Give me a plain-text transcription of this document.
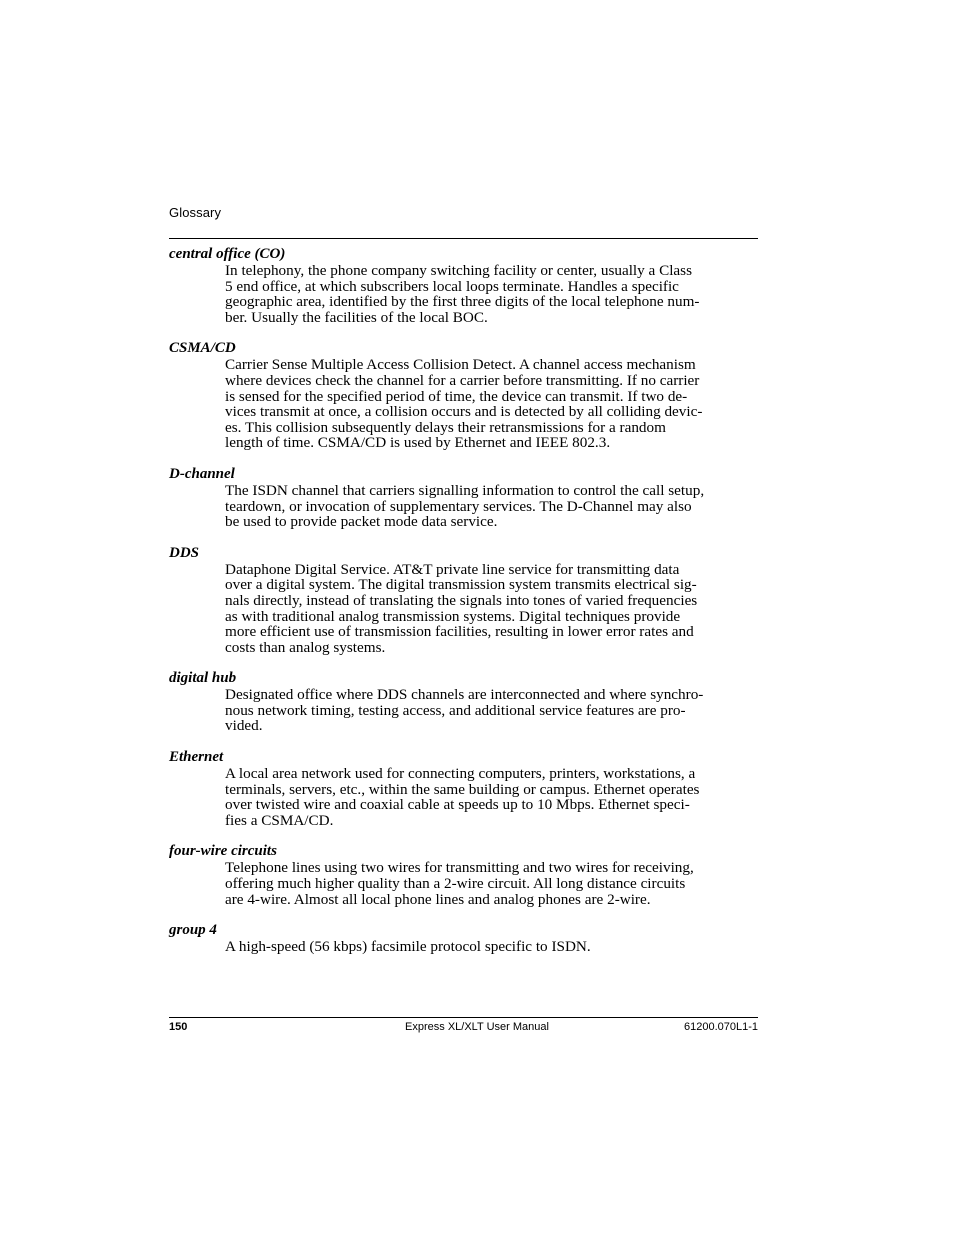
Glossary
central office (CO)
In telephony, the phone company switching facility or center, usually a Class
5 end office, at which subscribers local loops terminate. Handles a specific
geographic area, identified by the first three digits of the local telephone num-
ber. Usually the facilities of the local BOC.
CSMA/CD
Carrier Sense Multiple Access Collision Detect. A channel access mechanism
where devices check the channel for a carrier before transmitting. If no carrier
is sensed for the specified period of time, the device can transmit. If two de-
vices transmit at once, a collision occurs and is detected by all colliding devic-
es. This collision subsequently delays their retransmissions for a random
length of time. CSMA/CD is used by Ethernet and IEEE 802.3.
D-channel
The ISDN channel that carriers signalling information to control the call setup,
teardown, or invocation of supplementary services. The D-Channel may also
be used to provide packet mode data service.
DDS
Dataphone Digital Service. AT&T private line service for transmitting data
over a digital system. The digital transmission system transmits electrical sig-
nals directly, instead of translating the signals into tones of varied frequencies
as with traditional analog transmission systems. Digital techniques provide
more efficient use of transmission facilities, resulting in lower error rates and
costs than analog systems.
digital hub
Designated office where DDS channels are interconnected and where synchro-
nous network timing, testing access, and additional service features are pro-
vided.
Ethernet
A local area network used for connecting computers, printers, workstations, a
terminals, servers, etc., within the same building or campus. Ethernet operates
over twisted wire and coaxial cable at speeds up to 10 Mbps. Ethernet speci-
fies a CSMA/CD.
four-wire circuits
Telephone lines using two wires for transmitting and two wires for receiving,
offering much higher quality than a 2-wire circuit. All long distance circuits
are 4-wire. Almost all local phone lines and analog phones are 2-wire.
group 4
A high-speed (56 kbps) facsimile protocol specific to ISDN.
150	Express XL/XLT User Manual	61200.070L1-1
